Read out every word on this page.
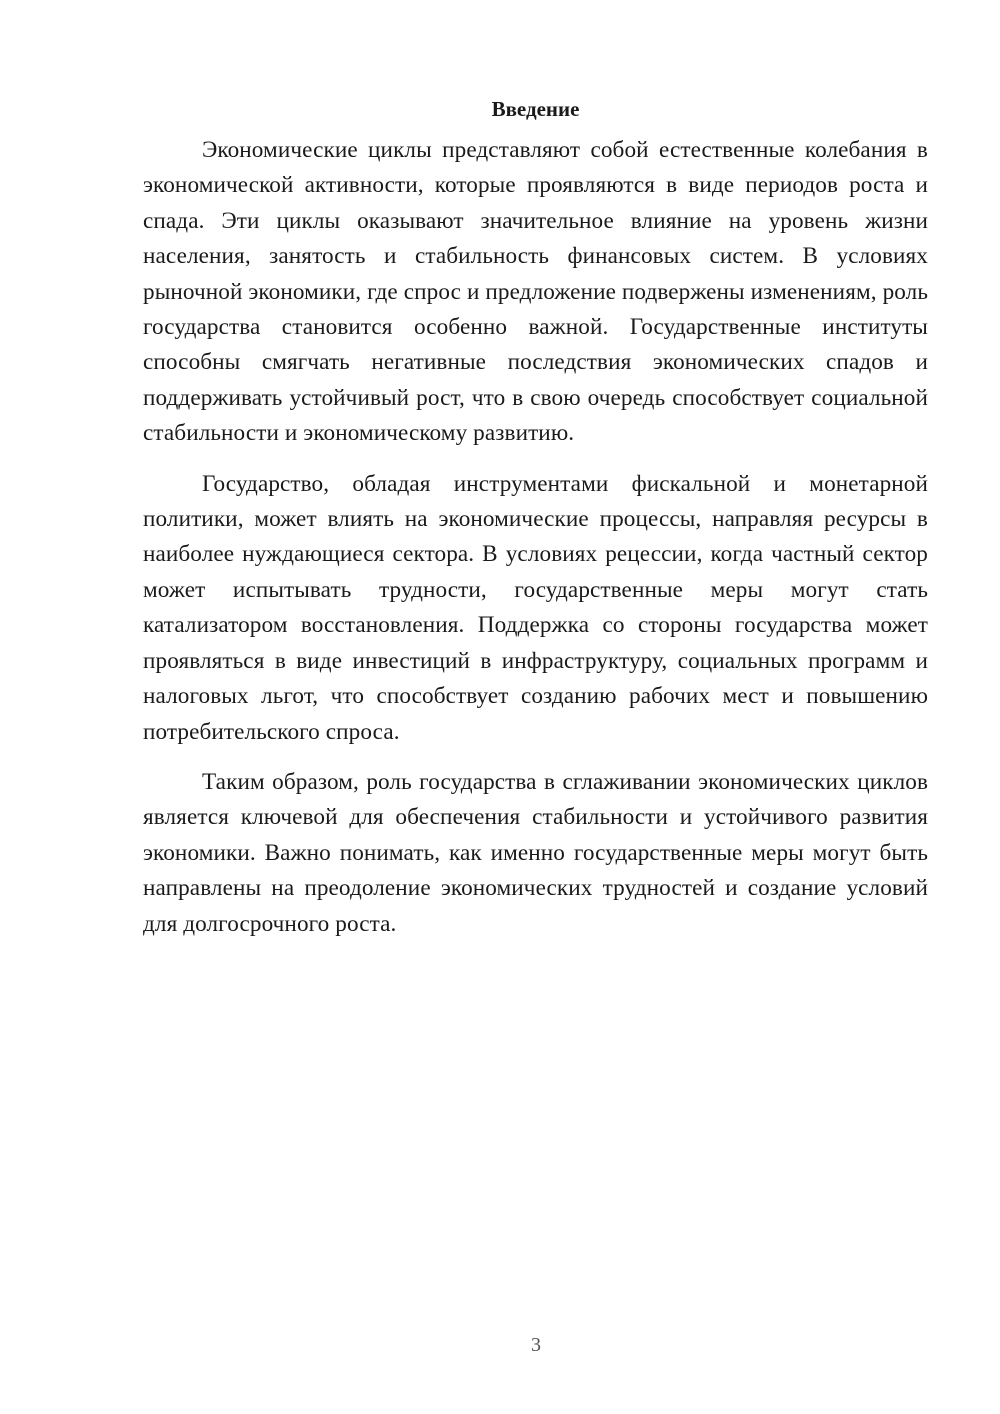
Введение

Экономические циклы представляют собой естественные колебания в экономической активности, которые проявляются в виде периодов роста и спада. Эти циклы оказывают значительное влияние на уровень жизни населения, занятость и стабильность финансовых систем. В условиях рыночной экономики, где спрос и предложение подвержены изменениям, роль государства становится особенно важной. Государственные институты способны смягчать негативные последствия экономических спадов и поддерживать устойчивый рост, что в свою очередь способствует социальной стабильности и экономическому развитию.

Государство, обладая инструментами фискальной и монетарной политики, может влиять на экономические процессы, направляя ресурсы в наиболее нуждающиеся сектора. В условиях рецессии, когда частный сектор может испытывать трудности, государственные меры могут стать катализатором восстановления. Поддержка со стороны государства может проявляться в виде инвестиций в инфраструктуру, социальных программ и налоговых льгот, что способствует созданию рабочих мест и повышению потребительского спроса.

Таким образом, роль государства в сглаживании экономических циклов является ключевой для обеспечения стабильности и устойчивого развития экономики. Важно понимать, как именно государственные меры могут быть направлены на преодоление экономических трудностей и создание условий для долгосрочного роста.

3
